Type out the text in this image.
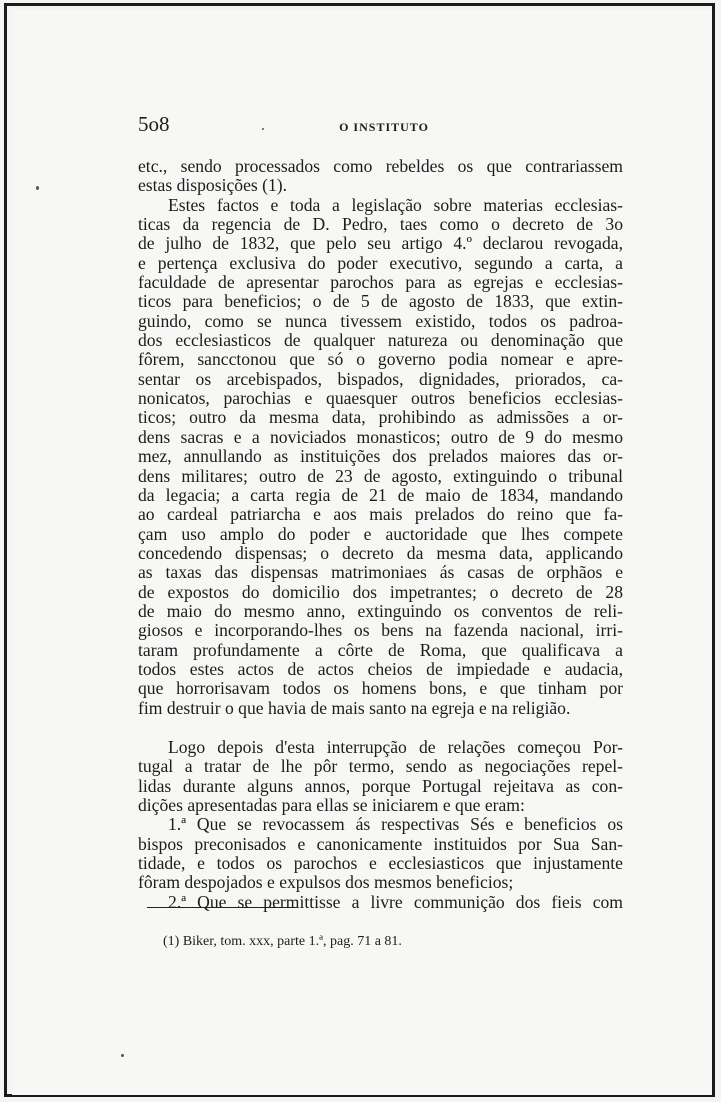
5o8	O INSTITUTO

etc., sendo processados como rebeldes os que contrariassem
estas disposições (1).

Estes factos e toda a legislação sobre materias ecclesias-
ticas da regencia de D. Pedro, taes como o decreto de 3o
de julho de 1832, que pelo seu artigo 4.º declarou revogada,
e pertença exclusiva do poder executivo, segundo a carta, a
faculdade de apresentar parochos para as egrejas e ecclesias-
ticos para beneficios; o de 5 de agosto de 1833, que extin-
guindo, como se nunca tivessem existido, todos os padroa-
dos ecclesiasticos de qualquer natureza ou denominação que
fôrem, sancctonou que só o governo podia nomear e apre-
sentar os arcebispados, bispados, dignidades, priorados, ca-
nonicatos, parochias e quaesquer outros beneficios ecclesias-
ticos; outro da mesma data, prohibindo as admissões a or-
dens sacras e a noviciados monasticos; outro de 9 do mesmo
mez, annullando as instituições dos prelados maiores das or-
dens militares; outro de 23 de agosto, extinguindo o tribunal
da legacia; a carta regia de 21 de maio de 1834, mandando
ao cardeal patriarcha e aos mais prelados do reino que fa-
çam uso amplo do poder e auctoridade que lhes compete
concedendo dispensas; o decreto da mesma data, applicando
as taxas das dispensas matrimoniaes ás casas de orphãos e
de expostos do domicilio dos impetrantes; o decreto de 28
de maio do mesmo anno, extinguindo os conventos de reli-
giosos e incorporando-lhes os bens na fazenda nacional, irri-
taram profundamente a côrte de Roma, que qualificava a
todos estes actos de actos cheios de impiedade e audacia,
que horrorisavam todos os homens bons, e que tinham por
fim destruir o que havia de mais santo na egreja e na religião.

Logo depois d'esta interrupção de relações começou Por-
tugal a tratar de lhe pôr termo, sendo as negociações repel-
lidas durante alguns annos, porque Portugal rejeitava as con-
dições apresentadas para ellas se iniciarem e que eram:

1.ª Que se revocassem ás respectivas Sés e beneficios os
bispos preconisados e canonicamente instituidos por Sua San-
tidade, e todos os parochos e ecclesiasticos que injustamente
fôram despojados e expulsos dos mesmos beneficios;

2.ª Que se permittisse a livre communição dos fieis com

(1) Biker, tom. xxx, parte 1.ª, pag. 71 a 81.
